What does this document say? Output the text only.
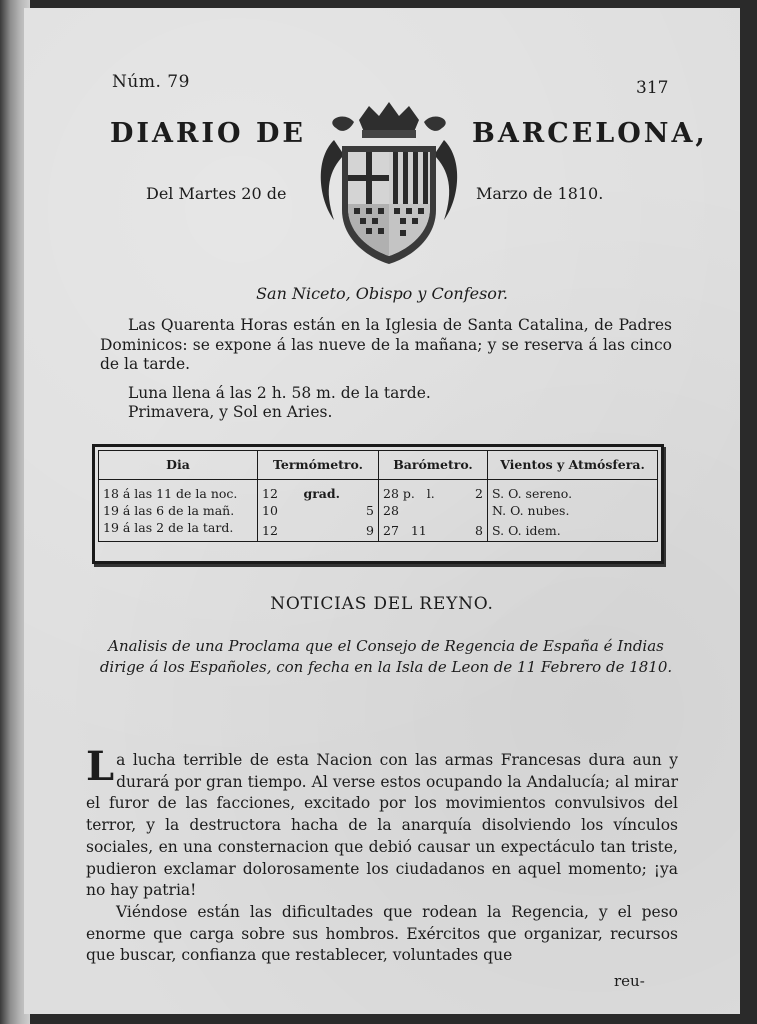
Núm. 79	317
DIARIO DE	BARCELONA,
Del Martes 20 de	Marzo de 1810.
San Niceto, Obispo y Confesor.
Las Quarenta Horas están en la Iglesia de Santa Catalina, de Padres Dominicos: se expone á las nueve de la mañana; y se reserva á las cinco de la tarde.
Luna llena á las 2 h. 58 m. de la tarde.
Primavera, y Sol en Aries.
Dia	Termómetro.	Barómetro.	Vientos y Atmósfera.
18 á las 11 de la noc.	12 grad.	28 p. l. 2	S. O. sereno.
19 á las 6 de la mañ.	10 5	28	N. O. nubes.
19 á las 2 de la tard.	12 9	27 11 8	S. O. idem.
NOTICIAS DEL REYNO.
Analisis de una Proclama que el Consejo de Regencia de España é Indias dirige á los Españoles, con fecha en la Isla de Leon de 11 Febrero de 1810.

La lucha terrible de esta Nacion con las armas Francesas dura aun y durará por gran tiempo. Al verse estos ocupando la Andalucía; al mirar el furor de las facciones, excitado por los movimientos convulsivos del terror, y la destructora hacha de la anarquía disolviendo los vínculos sociales, en una consternacion que debió causar un expectáculo tan triste, pudieron exclamar dolorosamente los ciudadanos en aquel momento; ¡ya no hay patria!

Viéndose están las dificultades que rodean la Regencia, y el peso enorme que carga sobre sus hombros. Exércitos que organizar, recursos que buscar, confianza que restablecer, voluntades que

reu-
